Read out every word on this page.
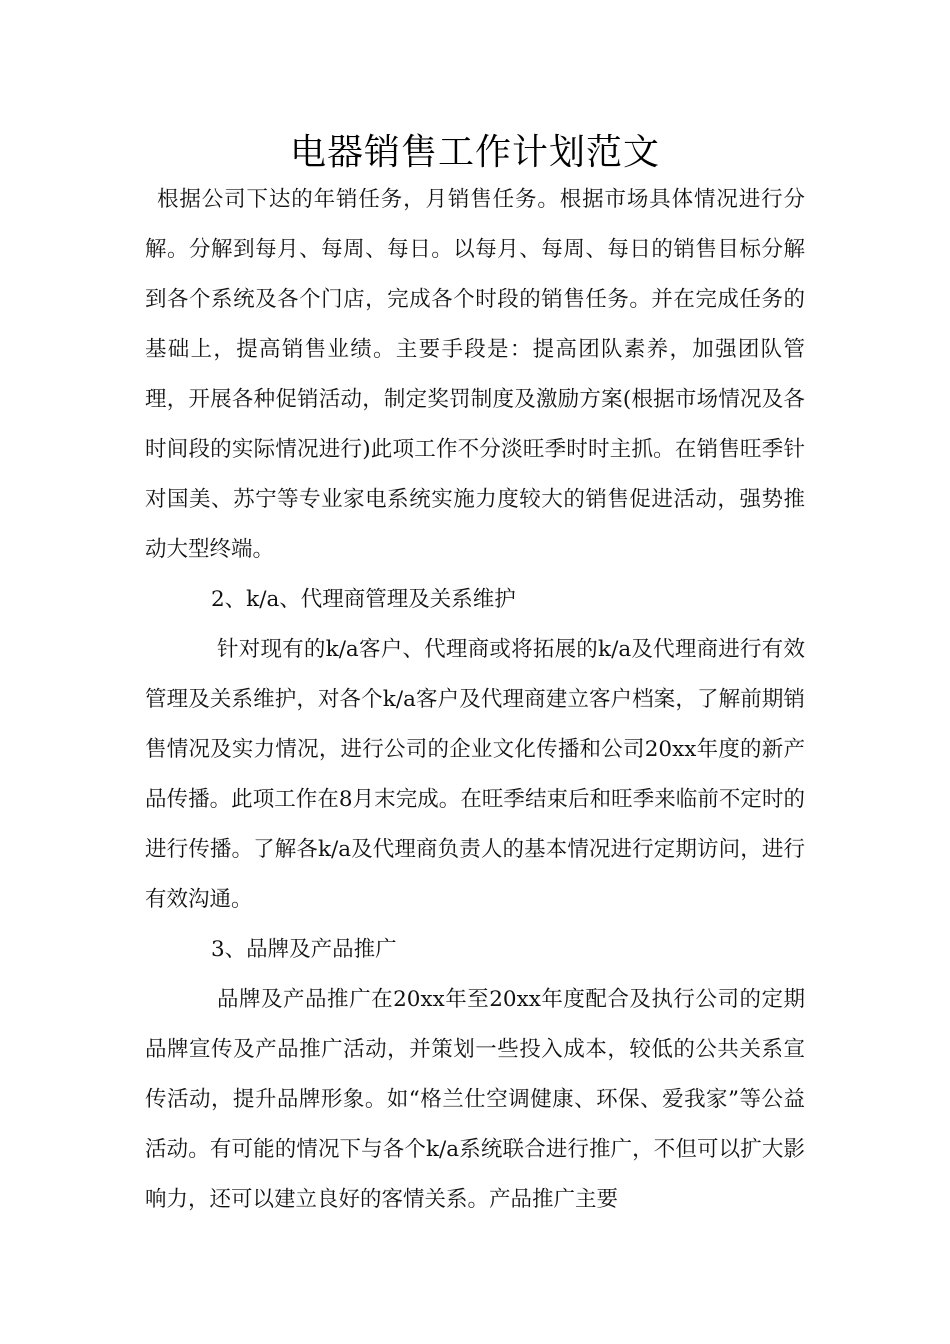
电器销售工作计划范文

根据公司下达的年销任务，月销售任务。根据市场具体情况进行分解。分解到每月、每周、每日。以每月、每周、每日的销售目标分解到各个系统及各个门店，完成各个时段的销售任务。并在完成任务的基础上，提高销售业绩。主要手段是：提高团队素养，加强团队管理，开展各种促销活动，制定奖罚制度及激励方案(根据市场情况及各时间段的实际情况进行)此项工作不分淡旺季时时主抓。在销售旺季针对国美、苏宁等专业家电系统实施力度较大的销售促进活动，强势推动大型终端。

2、k/a、代理商管理及关系维护

针对现有的k/a客户、代理商或将拓展的k/a及代理商进行有效管理及关系维护，对各个k/a客户及代理商建立客户档案，了解前期销售情况及实力情况，进行公司的企业文化传播和公司20xx年度的新产品传播。此项工作在8月末完成。在旺季结束后和旺季来临前不定时的进行传播。了解各k/a及代理商负责人的基本情况进行定期访问，进行有效沟通。

3、品牌及产品推广

品牌及产品推广在20xx年至20xx年度配合及执行公司的定期品牌宣传及产品推广活动，并策划一些投入成本，较低的公共关系宣传活动，提升品牌形象。如“格兰仕空调健康、环保、爱我家”等公益活动。有可能的情况下与各个k/a系统联合进行推广，不但可以扩大影响力，还可以建立良好的客情关系。产品推广主要
